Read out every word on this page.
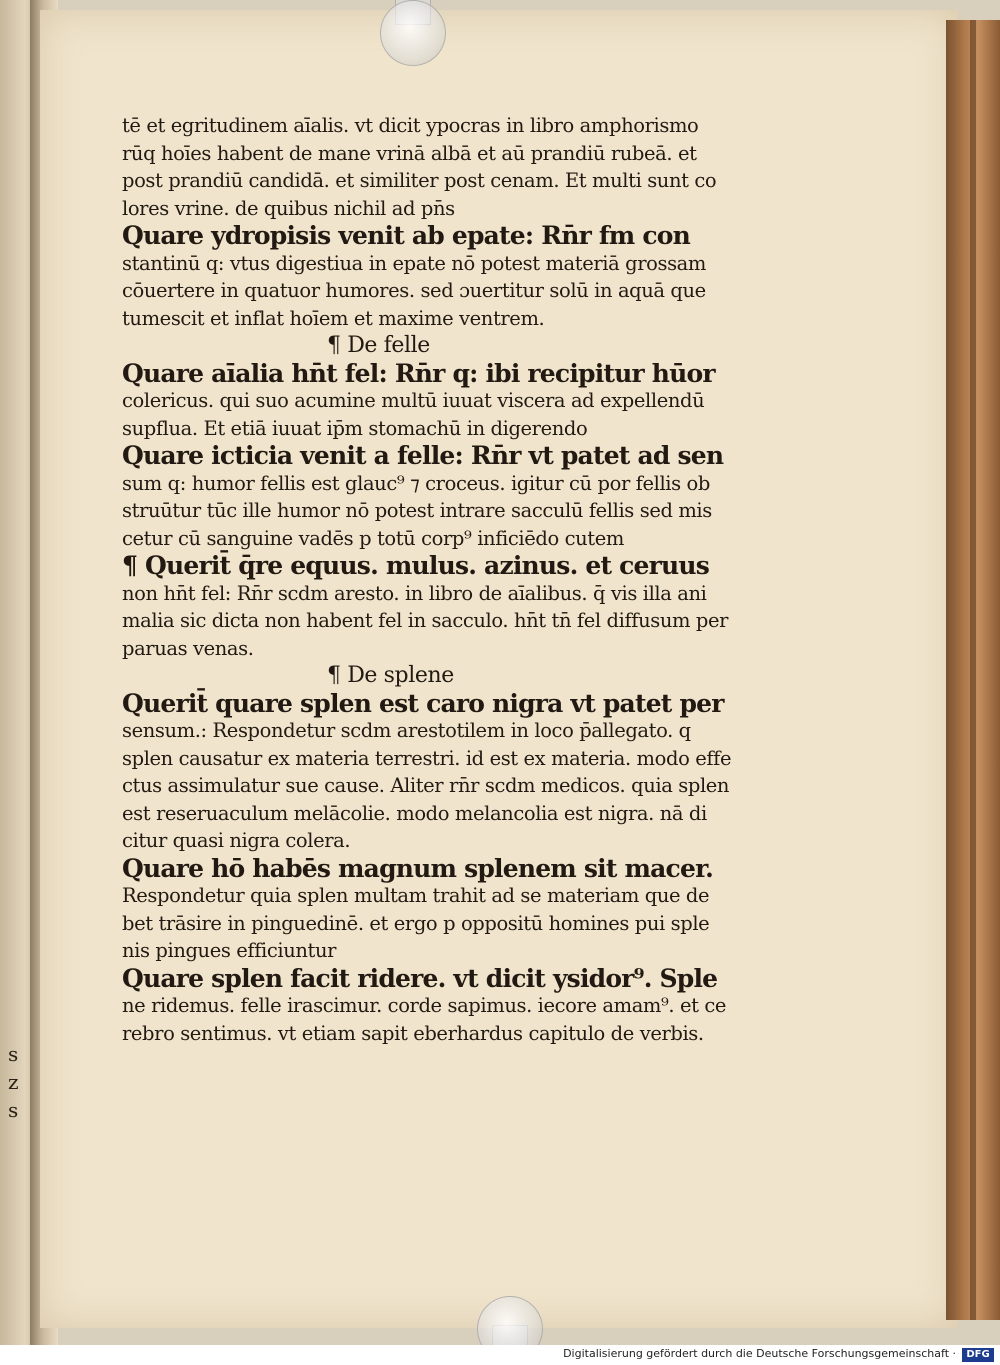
s
z
s
tē et egritudinem aīalis. vt dicit ypocras in libro amphorismo
rūq hoīes habent de mane vrinā albā et aū prandiū rubeā. et
post prandiū candidā. et similiter post cenam. Et multi sunt co
lores vrine. de quibus nichil ad pn̄s
Quare ydropisis venit ab epate: Rn̄r fm con
stantinū q: vtus digestiua in epate nō potest materiā grossam
cōuertere in quatuor humores. sed ɔuertitur solū in aquā que
tumescit et inflat hoīem et maxime ventrem.
¶ De felle
Quare aīalia hn̄t fel: Rn̄r q: ibi recipitur hūor
colericus. qui suo acumine multū iuuat viscera ad expellendū
supflua. Et etiā iuuat ip̄m stomachū in digerendo
Quare icticia venit a felle: Rn̄r vt patet ad sen
sum q: humor fellis est glauc⁹ ⁊ croceus. igitur cū por fellis ob
struūtur tūc ille humor nō potest intrare sacculū fellis sed mis
cetur cū sanguine vadēs p totū corp⁹ inficiēdo cutem
¶ Querit̄ q̄re equus. mulus. azinus. et ceruus
non hn̄t fel: Rn̄r scdm aresto. in libro de aīalibus. q̄ vis illa ani
malia sic dicta non habent fel in sacculo. hn̄t tn̄ fel diffusum per
paruas venas.
¶ De splene
Querit̄ quare splen est caro nigra vt patet per
sensum.: Respondetur scdm arestotilem in loco p̄allegato. q
splen causatur ex materia terrestri. id est ex materia. modo effe
ctus assimulatur sue cause. Aliter rn̄r scdm medicos. quia splen
est reseruaculum melācolie. modo melancolia est nigra. nā di
citur quasi nigra colera.
Quare hō habēs magnum splenem sit macer.
Respondetur quia splen multam trahit ad se materiam que de
bet trāsire in pinguedinē. et ergo p oppositū homines pui sple
nis pingues efficiuntur
Quare splen facit ridere. vt dicit ysidor⁹. Sple
ne ridemus. felle irascimur. corde sapimus. iecore amam⁹. et ce
rebro sentimus. vt etiam sapit eberhardus capitulo de verbis.
Digitalisierung gefördert durch die Deutsche Forschungsgemeinschaft ·	DFG
